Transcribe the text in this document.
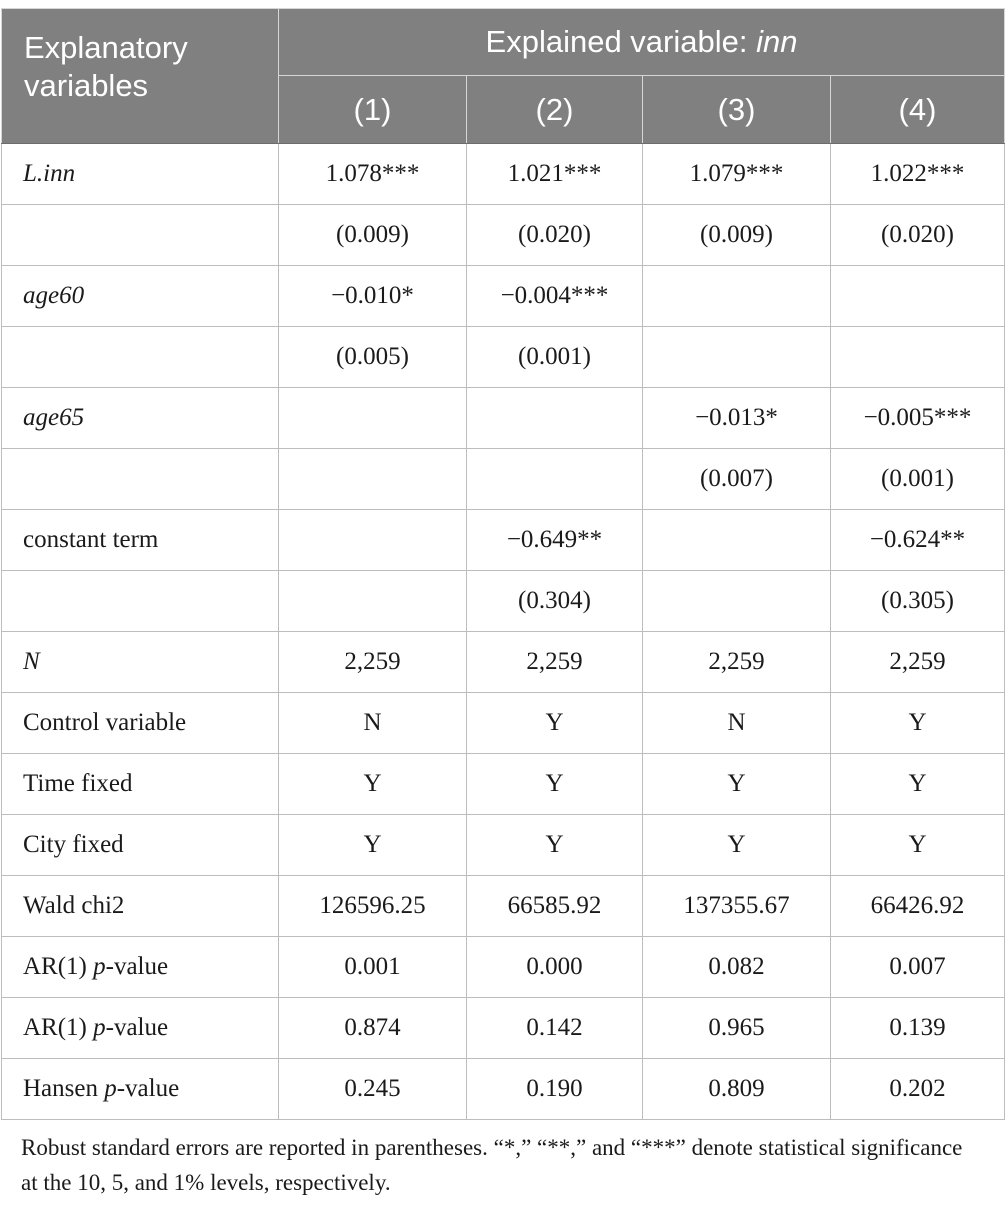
Explanatory variables	Explained variable: inn			
	(1)	(2)	(3)	(4)
L.inn	1.078***	1.021***	1.079***	1.022***
	(0.009)	(0.020)	(0.009)	(0.020)
age60	−0.010*	−0.004***		
	(0.005)	(0.001)		
age65			−0.013*	−0.005***
			(0.007)	(0.001)
constant term		−0.649**		−0.624**
		(0.304)		(0.305)
N	2,259	2,259	2,259	2,259
Control variable	N	Y	N	Y
Time fixed	Y	Y	Y	Y
City fixed	Y	Y	Y	Y
Wald chi2	126596.25	66585.92	137355.67	66426.92
AR(1) p-value	0.001	0.000	0.082	0.007
AR(1) p-value	0.874	0.142	0.965	0.139
Hansen p-value	0.245	0.190	0.809	0.202
Robust standard errors are reported in parentheses. “*,” “**,” and “***” denote statistical significance at the 10, 5, and 1% levels, respectively.
